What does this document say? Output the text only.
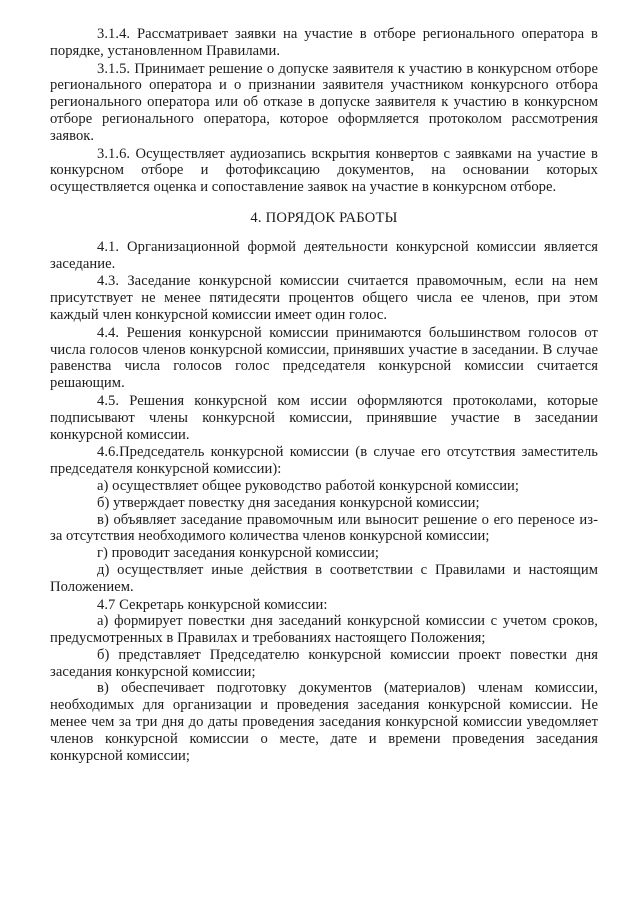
3.1.4. Рассматривает заявки на участие в отборе регионального оператора в порядке, установленном Правилами.

3.1.5. Принимает решение о допуске заявителя к участию в конкурсном отборе регионального оператора и о признании заявителя участником конкурсного отбора регионального оператора или об отказе в допуске заявителя к участию в конкурсном отборе регионального оператора, которое оформляется протоколом рассмотрения заявок.

3.1.6. Осуществляет аудиозапись вскрытия конвертов с заявками на участие в конкурсном отборе и фотофиксацию документов, на основании которых осуществляется оценка и сопоставление заявок на участие в конкурсном отборе.

4. ПОРЯДОК РАБОТЫ

4.1. Организационной формой деятельности конкурсной комиссии является заседание.

4.3. Заседание конкурсной комиссии считается правомочным, если на нем присутствует не менее пятидесяти процентов общего числа ее членов, при этом каждый член конкурсной комиссии имеет один голос.

4.4. Решения конкурсной комиссии принимаются большинством голосов от числа голосов членов конкурсной комиссии, принявших участие в заседании. В случае равенства числа голосов голос председателя конкурсной комиссии считается решающим.

4.5. Решения конкурсной ком иссии оформляются протоколами, которые подписывают члены конкурсной комиссии, принявшие участие в заседании конкурсной комиссии.

4.6.Председатель конкурсной комиссии (в случае его отсутствия заместитель председателя конкурсной комиссии):

а) осуществляет общее руководство работой конкурсной комиссии;

б) утверждает повестку дня заседания конкурсной комиссии;

в) объявляет заседание правомочным или выносит решение о его переносе из-за отсутствия необходимого количества членов конкурсной комиссии;

г) проводит заседания конкурсной комиссии;

д) осуществляет иные действия в соответствии с Правилами и настоящим Положением.

4.7 Секретарь конкурсной комиссии:

а) формирует повестки дня заседаний конкурсной комиссии с учетом сроков, предусмотренных в Правилах и требованиях настоящего Положения;

б) представляет Председателю конкурсной комиссии проект повестки дня заседания конкурсной комиссии;

в) обеспечивает подготовку документов (материалов) членам комиссии, необходимых для организации и проведения заседания конкурсной комиссии. Не менее чем за три дня до даты проведения заседания конкурсной комиссии уведомляет членов конкурсной комиссии о месте, дате и времени проведения заседания конкурсной комиссии;
